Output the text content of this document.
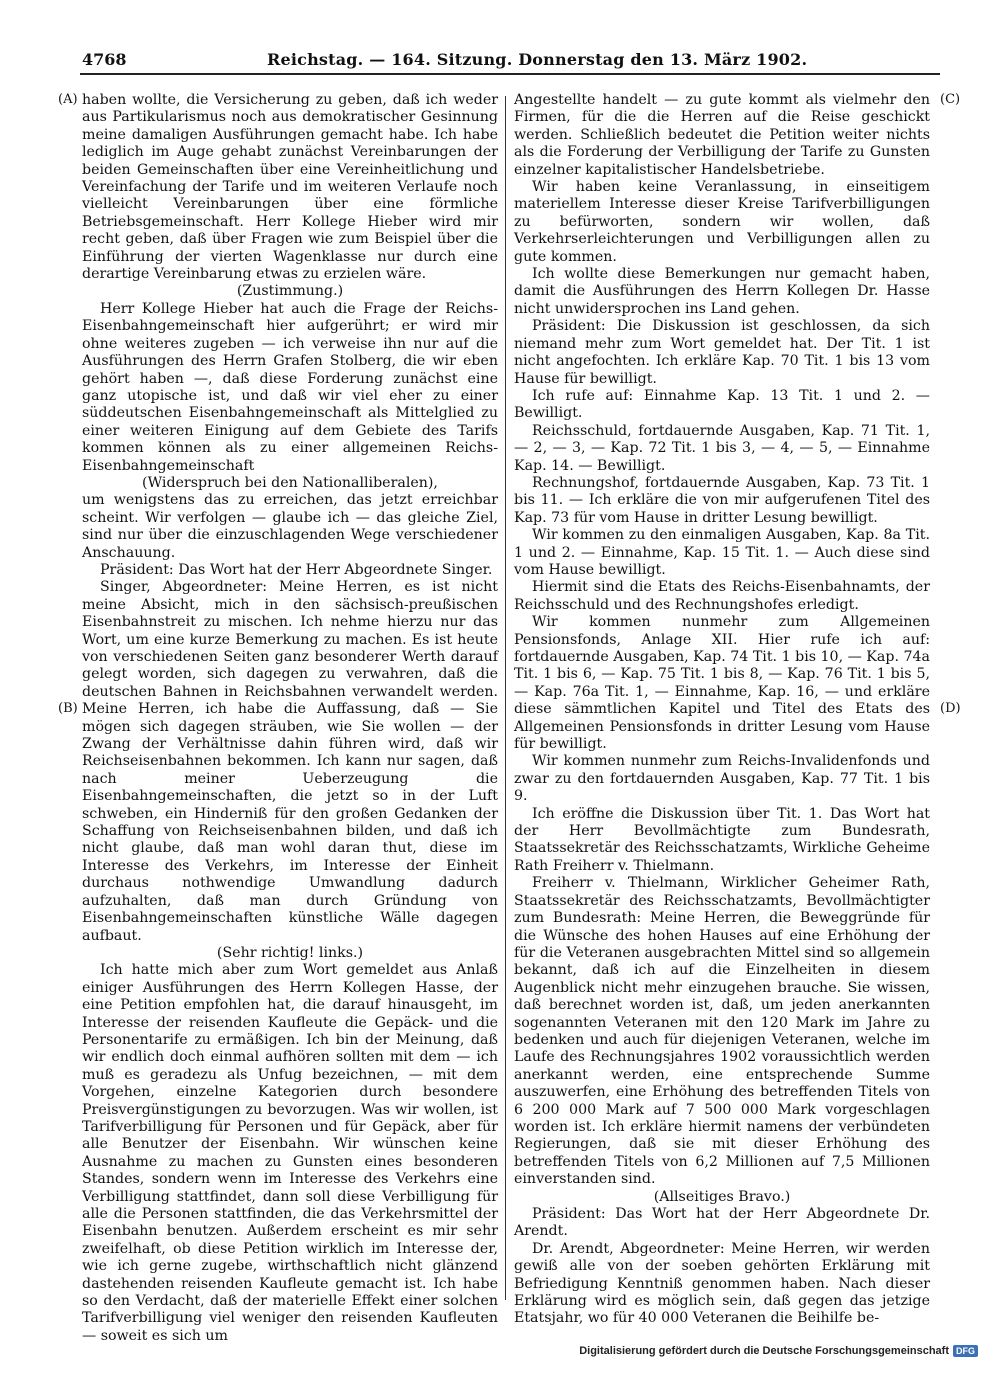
4768	Reichstag. — 164. Sitzung. Donnerstag den 13. März 1902.
(A)
(B)
(C)
(D)

haben wollte, die Versicherung zu geben, daß ich weder aus Partikularismus noch aus demokratischer Gesinnung meine damaligen Ausführungen gemacht habe. Ich habe lediglich im Auge gehabt zunächst Vereinbarungen der beiden Gemeinschaften über eine Vereinheitlichung und Vereinfachung der Tarife und im weiteren Verlaufe noch vielleicht Vereinbarungen über eine förmliche Betriebsgemeinschaft. Herr Kollege Hieber wird mir recht geben, daß über Fragen wie zum Beispiel über die Einführung der vierten Wagenklasse nur durch eine derartige Vereinbarung etwas zu erzielen wäre.

(Zustimmung.)

Herr Kollege Hieber hat auch die Frage der Reichs-Eisenbahngemeinschaft hier aufgerührt; er wird mir ohne weiteres zugeben — ich verweise ihn nur auf die Ausführungen des Herrn Grafen Stolberg, die wir eben gehört haben —, daß diese Forderung zunächst eine ganz utopische ist, und daß wir viel eher zu einer süddeutschen Eisenbahngemeinschaft als Mittelglied zu einer weiteren Einigung auf dem Gebiete des Tarifs kommen können als zu einer allgemeinen Reichs-Eisenbahngemeinschaft

(Widerspruch bei den Nationalliberalen),

um wenigstens das zu erreichen, das jetzt erreichbar scheint. Wir verfolgen — glaube ich — das gleiche Ziel, sind nur über die einzuschlagenden Wege verschiedener Anschauung.

Präsident: Das Wort hat der Herr Abgeordnete Singer.

Singer, Abgeordneter: Meine Herren, es ist nicht meine Absicht, mich in den sächsisch-preußischen Eisenbahnstreit zu mischen. Ich nehme hierzu nur das Wort, um eine kurze Bemerkung zu machen. Es ist heute von verschiedenen Seiten ganz besonderer Werth darauf gelegt worden, sich dagegen zu verwahren, daß die deutschen Bahnen in Reichsbahnen verwandelt werden. Meine Herren, ich habe die Auffassung, daß — Sie mögen sich dagegen sträuben, wie Sie wollen — der Zwang der Verhältnisse dahin führen wird, daß wir Reichseisenbahnen bekommen. Ich kann nur sagen, daß nach meiner Ueberzeugung die Eisenbahngemeinschaften, die jetzt so in der Luft schweben, ein Hinderniß für den großen Gedanken der Schaffung von Reichseisenbahnen bilden, und daß ich nicht glaube, daß man wohl daran thut, diese im Interesse des Verkehrs, im Interesse der Einheit durchaus nothwendige Umwandlung dadurch aufzuhalten, daß man durch Gründung von Eisenbahngemeinschaften künstliche Wälle dagegen aufbaut.

(Sehr richtig! links.)

Ich hatte mich aber zum Wort gemeldet aus Anlaß einiger Ausführungen des Herrn Kollegen Hasse, der eine Petition empfohlen hat, die darauf hinausgeht, im Interesse der reisenden Kaufleute die Gepäck- und die Personentarife zu ermäßigen. Ich bin der Meinung, daß wir endlich doch einmal aufhören sollten mit dem — ich muß es geradezu als Unfug bezeichnen, — mit dem Vorgehen, einzelne Kategorien durch besondere Preisvergünstigungen zu bevorzugen. Was wir wollen, ist Tarifverbilligung für Personen und für Gepäck, aber für alle Benutzer der Eisenbahn. Wir wünschen keine Ausnahme zu machen zu Gunsten eines besonderen Standes, sondern wenn im Interesse des Verkehrs eine Verbilligung stattfindet, dann soll diese Verbilligung für alle die Personen stattfinden, die das Verkehrsmittel der Eisenbahn benutzen. Außerdem erscheint es mir sehr zweifelhaft, ob diese Petition wirklich im Interesse der, wie ich gerne zugebe, wirthschaftlich nicht glänzend dastehenden reisenden Kaufleute gemacht ist. Ich habe so den Verdacht, daß der materielle Effekt einer solchen Tarifverbilligung viel weniger den reisenden Kaufleuten — soweit es sich um

Angestellte handelt — zu gute kommt als vielmehr den Firmen, für die die Herren auf die Reise geschickt werden. Schließlich bedeutet die Petition weiter nichts als die Forderung der Verbilligung der Tarife zu Gunsten einzelner kapitalistischer Handelsbetriebe.

Wir haben keine Veranlassung, in einseitigem materiellem Interesse dieser Kreise Tarifverbilligungen zu befürworten, sondern wir wollen, daß Verkehrserleichterungen und Verbilligungen allen zu gute kommen.

Ich wollte diese Bemerkungen nur gemacht haben, damit die Ausführungen des Herrn Kollegen Dr. Hasse nicht unwidersprochen ins Land gehen.

Präsident: Die Diskussion ist geschlossen, da sich niemand mehr zum Wort gemeldet hat. Der Tit. 1 ist nicht angefochten. Ich erkläre Kap. 70 Tit. 1 bis 13 vom Hause für bewilligt.

Ich rufe auf: Einnahme Kap. 13 Tit. 1 und 2. — Bewilligt.

Reichsschuld, fortdauernde Ausgaben, Kap. 71 Tit. 1, — 2, — 3, — Kap. 72 Tit. 1 bis 3, — 4, — 5, — Einnahme Kap. 14. — Bewilligt.

Rechnungshof, fortdauernde Ausgaben, Kap. 73 Tit. 1 bis 11. — Ich erkläre die von mir aufgerufenen Titel des Kap. 73 für vom Hause in dritter Lesung bewilligt.

Wir kommen zu den einmaligen Ausgaben, Kap. 8a Tit. 1 und 2. — Einnahme, Kap. 15 Tit. 1. — Auch diese sind vom Hause bewilligt.

Hiermit sind die Etats des Reichs-Eisenbahnamts, der Reichsschuld und des Rechnungshofes erledigt.

Wir kommen nunmehr zum Allgemeinen Pensionsfonds, Anlage XII. Hier rufe ich auf: fortdauernde Ausgaben, Kap. 74 Tit. 1 bis 10, — Kap. 74a Tit. 1 bis 6, — Kap. 75 Tit. 1 bis 8, — Kap. 76 Tit. 1 bis 5, — Kap. 76a Tit. 1, — Einnahme, Kap. 16, — und erkläre diese sämmtlichen Kapitel und Titel des Etats des Allgemeinen Pensionsfonds in dritter Lesung vom Hause für bewilligt.

Wir kommen nunmehr zum Reichs-Invalidenfonds und zwar zu den fortdauernden Ausgaben, Kap. 77 Tit. 1 bis 9.

Ich eröffne die Diskussion über Tit. 1. Das Wort hat der Herr Bevollmächtigte zum Bundesrath, Staatssekretär des Reichsschatzamts, Wirkliche Geheime Rath Freiherr v. Thielmann.

Freiherr v. Thielmann, Wirklicher Geheimer Rath, Staatssekretär des Reichsschatzamts, Bevollmächtigter zum Bundesrath: Meine Herren, die Beweggründe für die Wünsche des hohen Hauses auf eine Erhöhung der für die Veteranen ausgebrachten Mittel sind so allgemein bekannt, daß ich auf die Einzelheiten in diesem Augenblick nicht mehr einzugehen brauche. Sie wissen, daß berechnet worden ist, daß, um jeden anerkannten sogenannten Veteranen mit den 120 Mark im Jahre zu bedenken und auch für diejenigen Veteranen, welche im Laufe des Rechnungsjahres 1902 voraussichtlich werden anerkannt werden, eine entsprechende Summe auszuwerfen, eine Erhöhung des betreffenden Titels von 6 200 000 Mark auf 7 500 000 Mark vorgeschlagen worden ist. Ich erkläre hiermit namens der verbündeten Regierungen, daß sie mit dieser Erhöhung des betreffenden Titels von 6,2 Millionen auf 7,5 Millionen einverstanden sind.

(Allseitiges Bravo.)

Präsident: Das Wort hat der Herr Abgeordnete Dr. Arendt.

Dr. Arendt, Abgeordneter: Meine Herren, wir werden gewiß alle von der soeben gehörten Erklärung mit Befriedigung Kenntniß genommen haben. Nach dieser Erklärung wird es möglich sein, daß gegen das jetzige Etatsjahr, wo für 40 000 Veteranen die Beihilfe be-

Digitalisierung gefördert durch die Deutsche Forschungsgemeinschaft DFG
